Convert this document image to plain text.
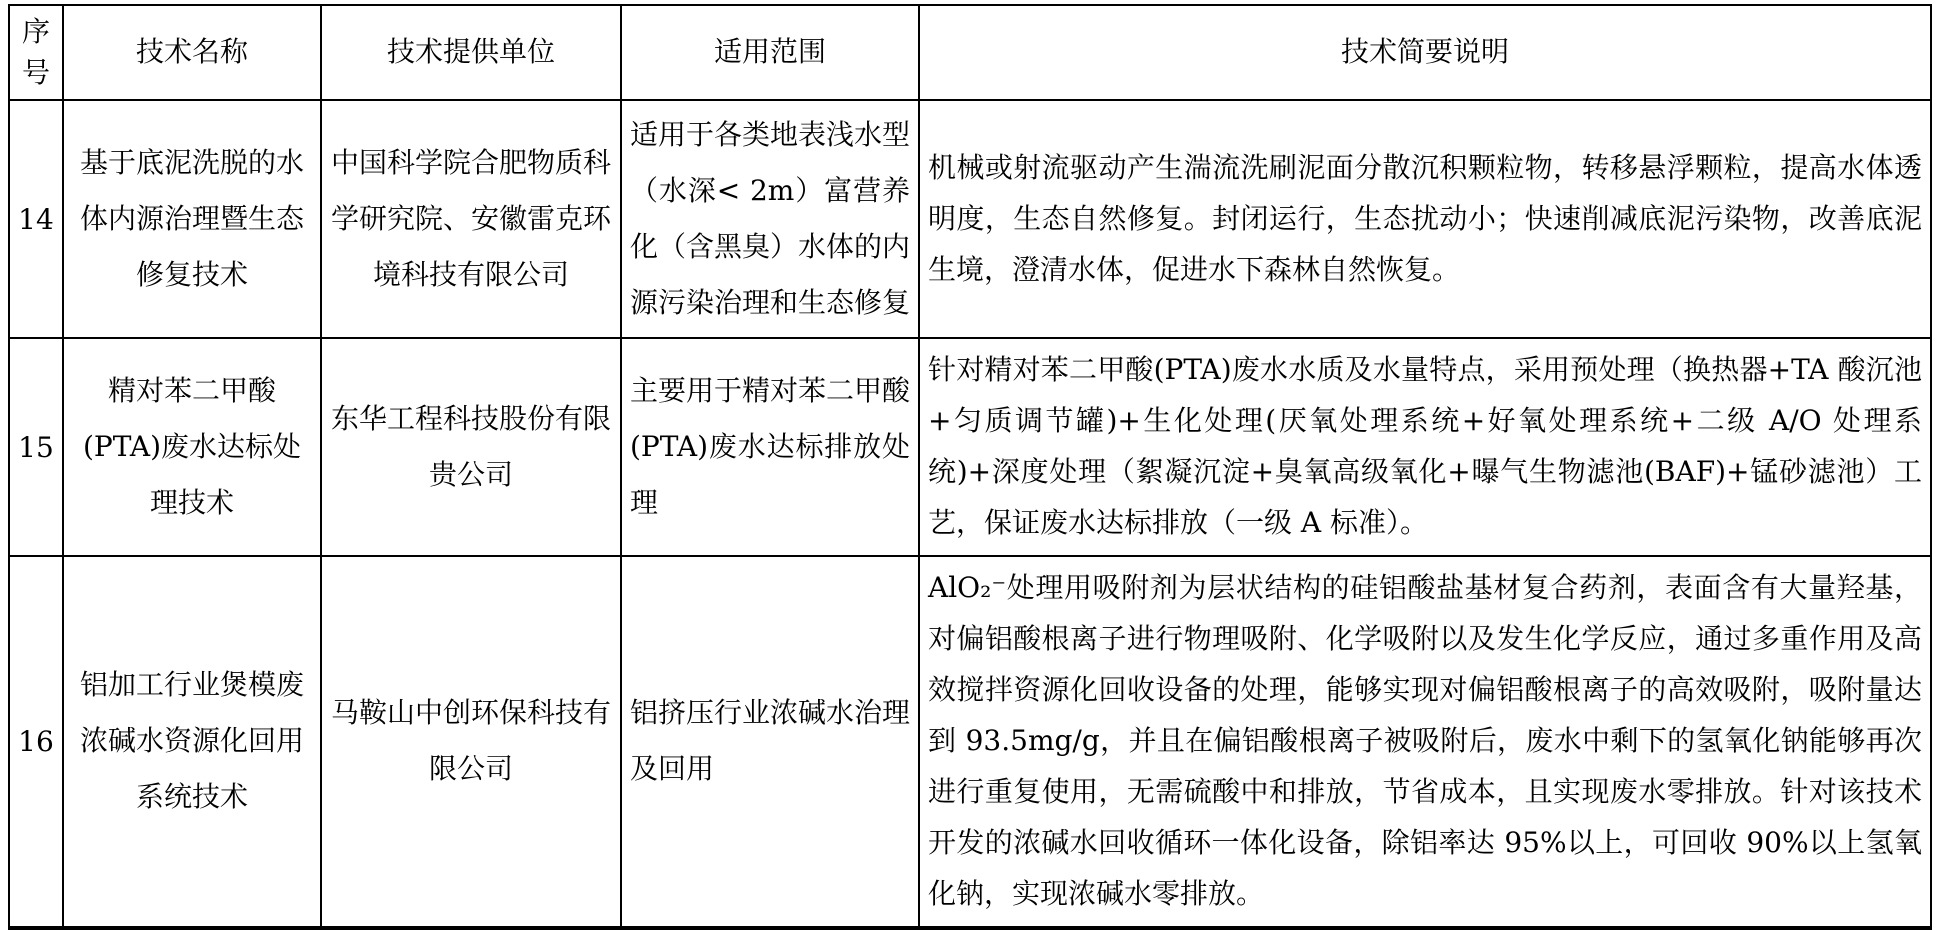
序号	技术名称	技术提供单位	适用范围	技术简要说明
14	基于底泥洗脱的水体内源治理暨生态修复技术	中国科学院合肥物质科学研究院、安徽雷克环境科技有限公司	适用于各类地表浅水型（水深< 2m）富营养化（含黑臭）水体的内源污染治理和生态修复	机械或射流驱动产生湍流洗刷泥面分散沉积颗粒物，转移悬浮颗粒，提高水体透明度，生态自然修复。封闭运行，生态扰动小；快速削减底泥污染物，改善底泥生境，澄清水体，促进水下森林自然恢复。
15	精对苯二甲酸(PTA)废水达标处理技术	东华工程科技股份有限贵公司	主要用于精对苯二甲酸(PTA)废水达标排放处理	针对精对苯二甲酸(PTA)废水水质及水量特点，采用预处理（换热器+TA 酸沉池+匀质调节罐)+生化处理(厌氧处理系统+好氧处理系统+二级 A/O 处理系统)+深度处理（絮凝沉淀+臭氧高级氧化+曝气生物滤池(BAF)+锰砂滤池）工艺，保证废水达标排放（一级 A 标准）。
16	铝加工行业煲模废浓碱水资源化回用系统技术	马鞍山中创环保科技有限公司	铝挤压行业浓碱水治理及回用	AlO₂⁻处理用吸附剂为层状结构的硅铝酸盐基材复合药剂，表面含有大量羟基，对偏铝酸根离子进行物理吸附、化学吸附以及发生化学反应，通过多重作用及高效搅拌资源化回收设备的处理，能够实现对偏铝酸根离子的高效吸附，吸附量达到 93.5mg/g，并且在偏铝酸根离子被吸附后，废水中剩下的氢氧化钠能够再次进行重复使用，无需硫酸中和排放，节省成本，且实现废水零排放。针对该技术开发的浓碱水回收循环一体化设备，除铝率达 95%以上，可回收 90%以上氢氧化钠，实现浓碱水零排放。
